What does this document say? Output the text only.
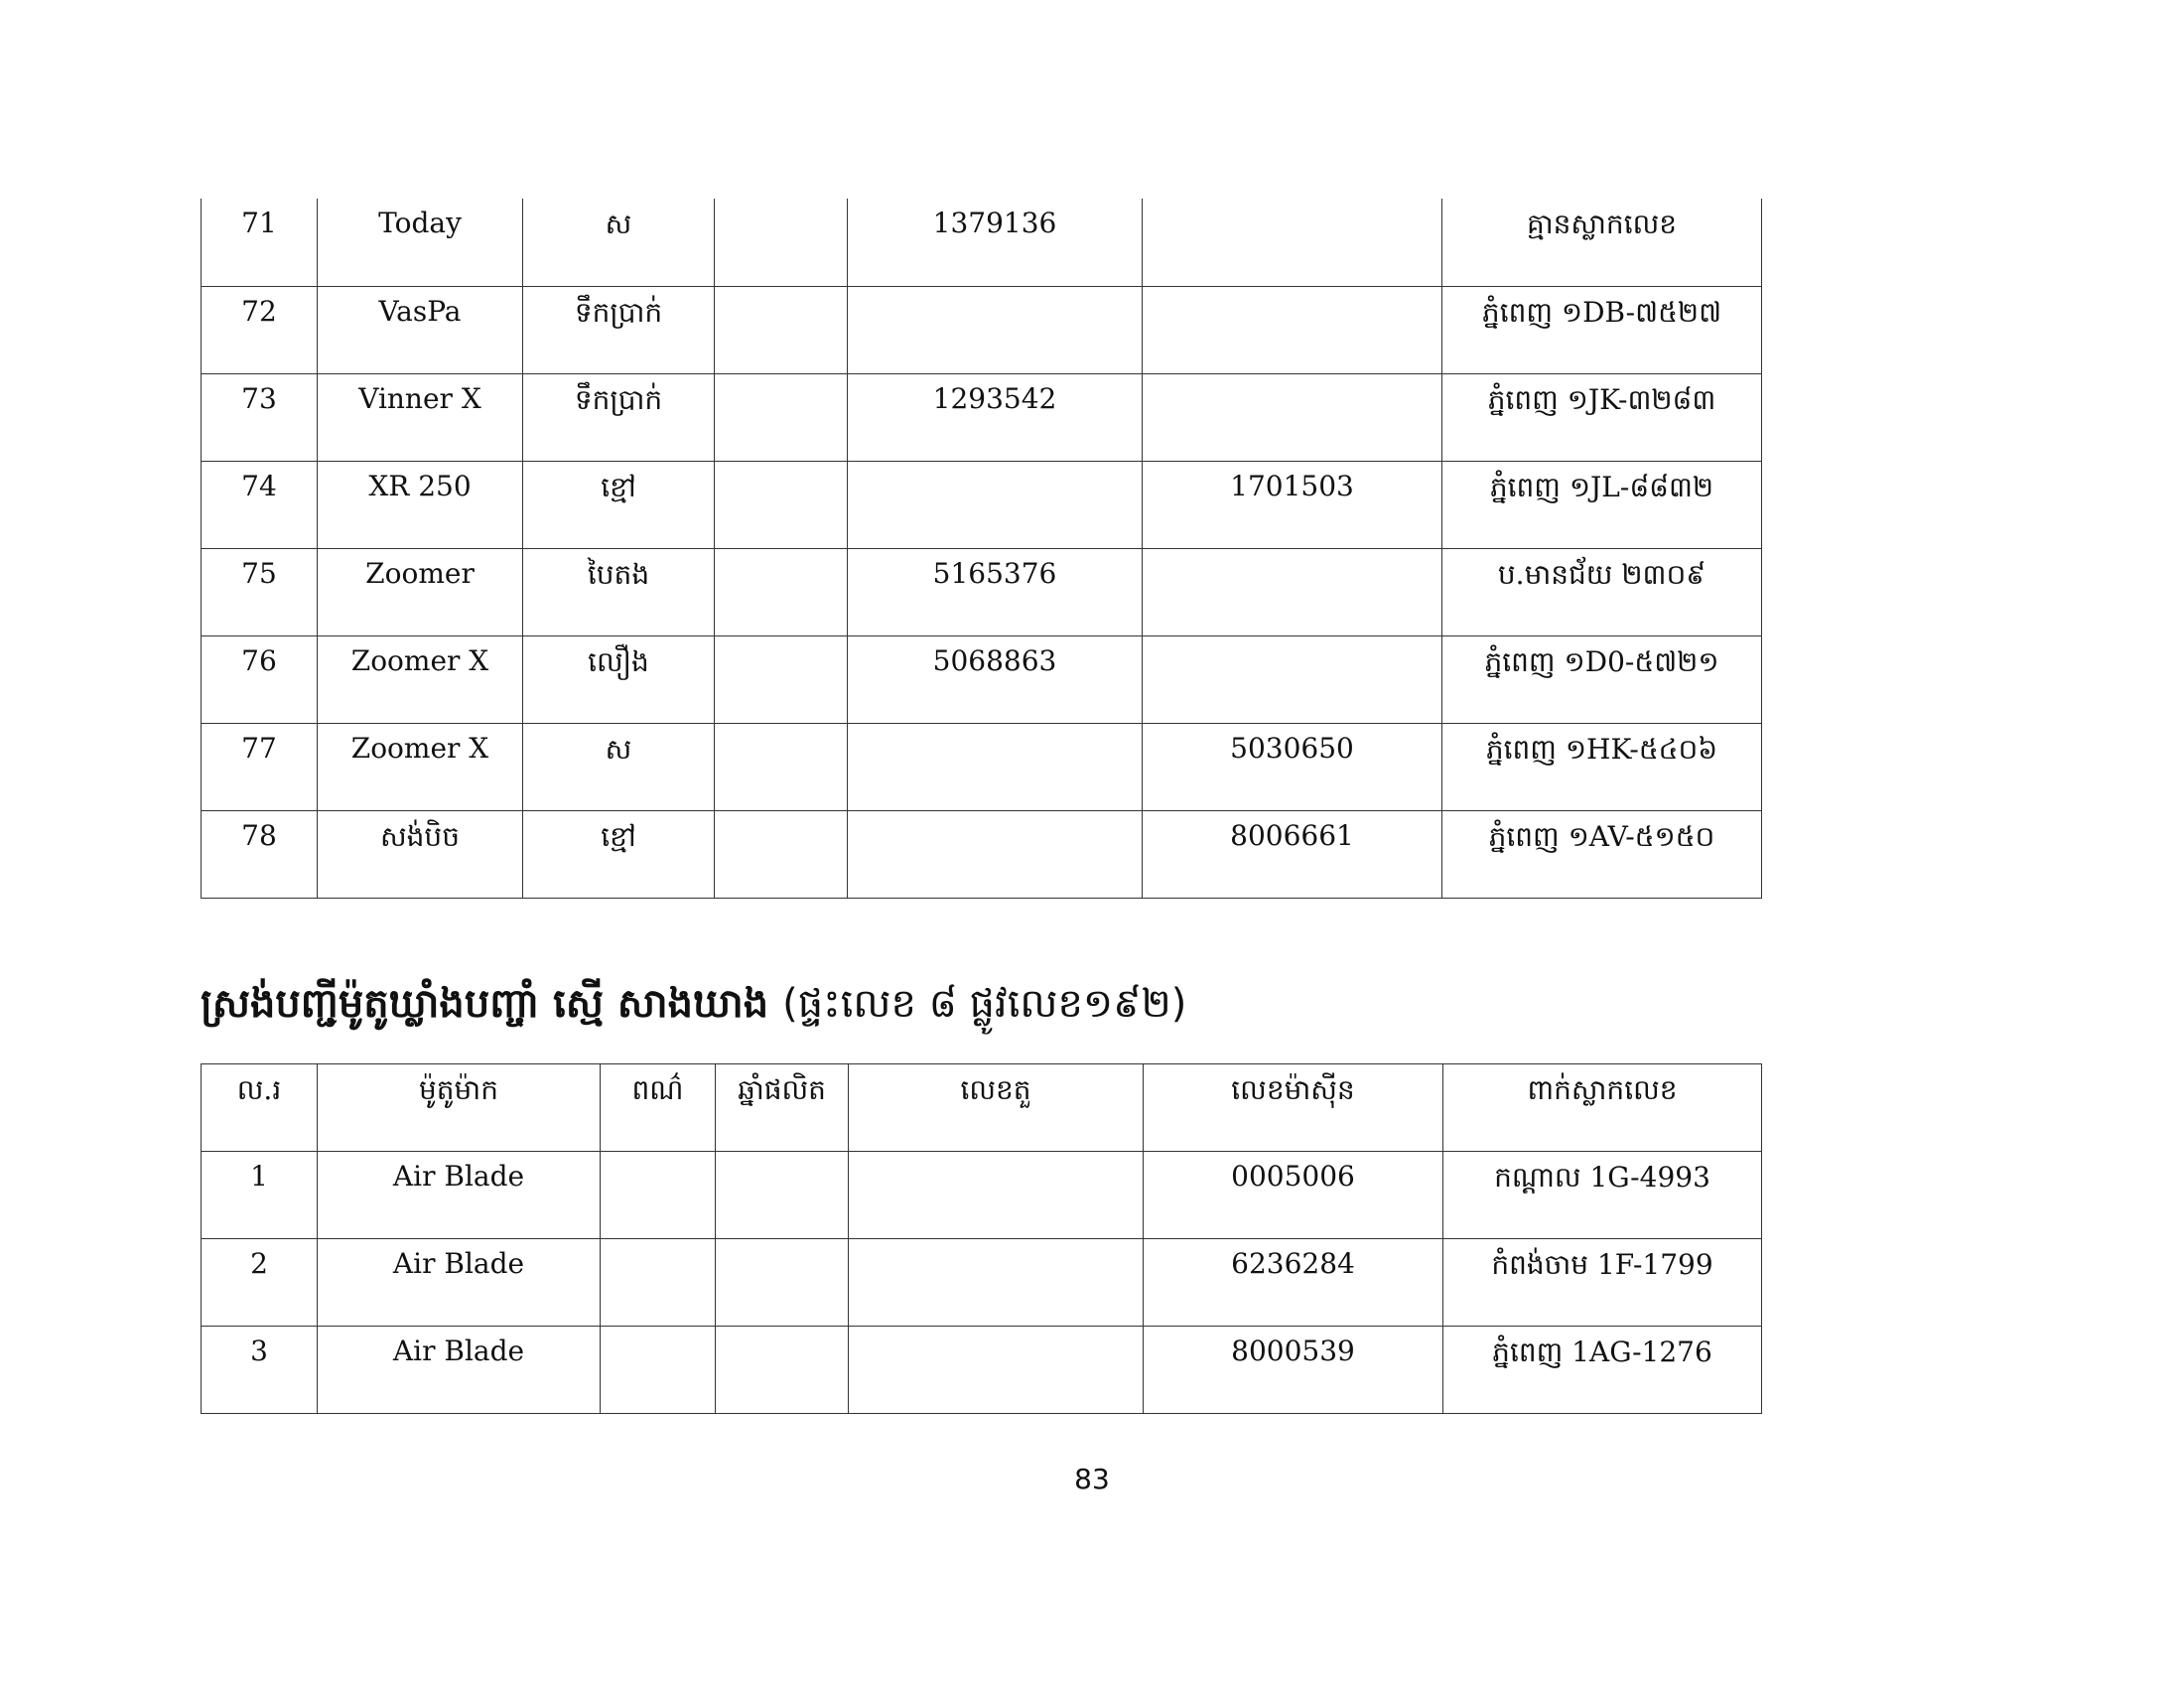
71	Today	ស		1379136		គ្មានស្លាកលេខ
72	VasPa	ទឹកប្រាក់				ភ្នំពេញ ១DB-៧៥២៧
73	Vinner X	ទឹកប្រាក់		1293542		ភ្នំពេញ ១JK-៣២៨៣
74	XR 250	ខ្មៅ			1701503	ភ្នំពេញ ១JL-៨៨៣២
75	Zoomer	បៃតង		5165376		ប.មានជ័យ ២៣០៩
76	Zoomer X	លឿង		5068863		ភ្នំពេញ ១D0-៥៧២១
77	Zoomer X	ស			5030650	ភ្នំពេញ ១HK-៥៤០៦
78	សង់បិច	ខ្មៅ			8006661	ភ្នំពេញ ១AV-៥១៥០
ស្រង់បញ្ជីម៉ូតូឃ្លាំងបញ្ចាំ ស្មើ សាងឃាង (ផ្ទះលេខ ៨ ផ្លូវលេខ១៩២)
ល.រ	ម៉ូតូម៉ាក	ពណ៌	ឆ្នាំផលិត	លេខតួ	លេខម៉ាស៊ីន	ពាក់ស្លាកលេខ
1	Air Blade				0005006	កណ្តាល 1G-4993
2	Air Blade				6236284	កំពង់ចាម 1F-1799
3	Air Blade				8000539	ភ្នំពេញ 1AG-1276
83
